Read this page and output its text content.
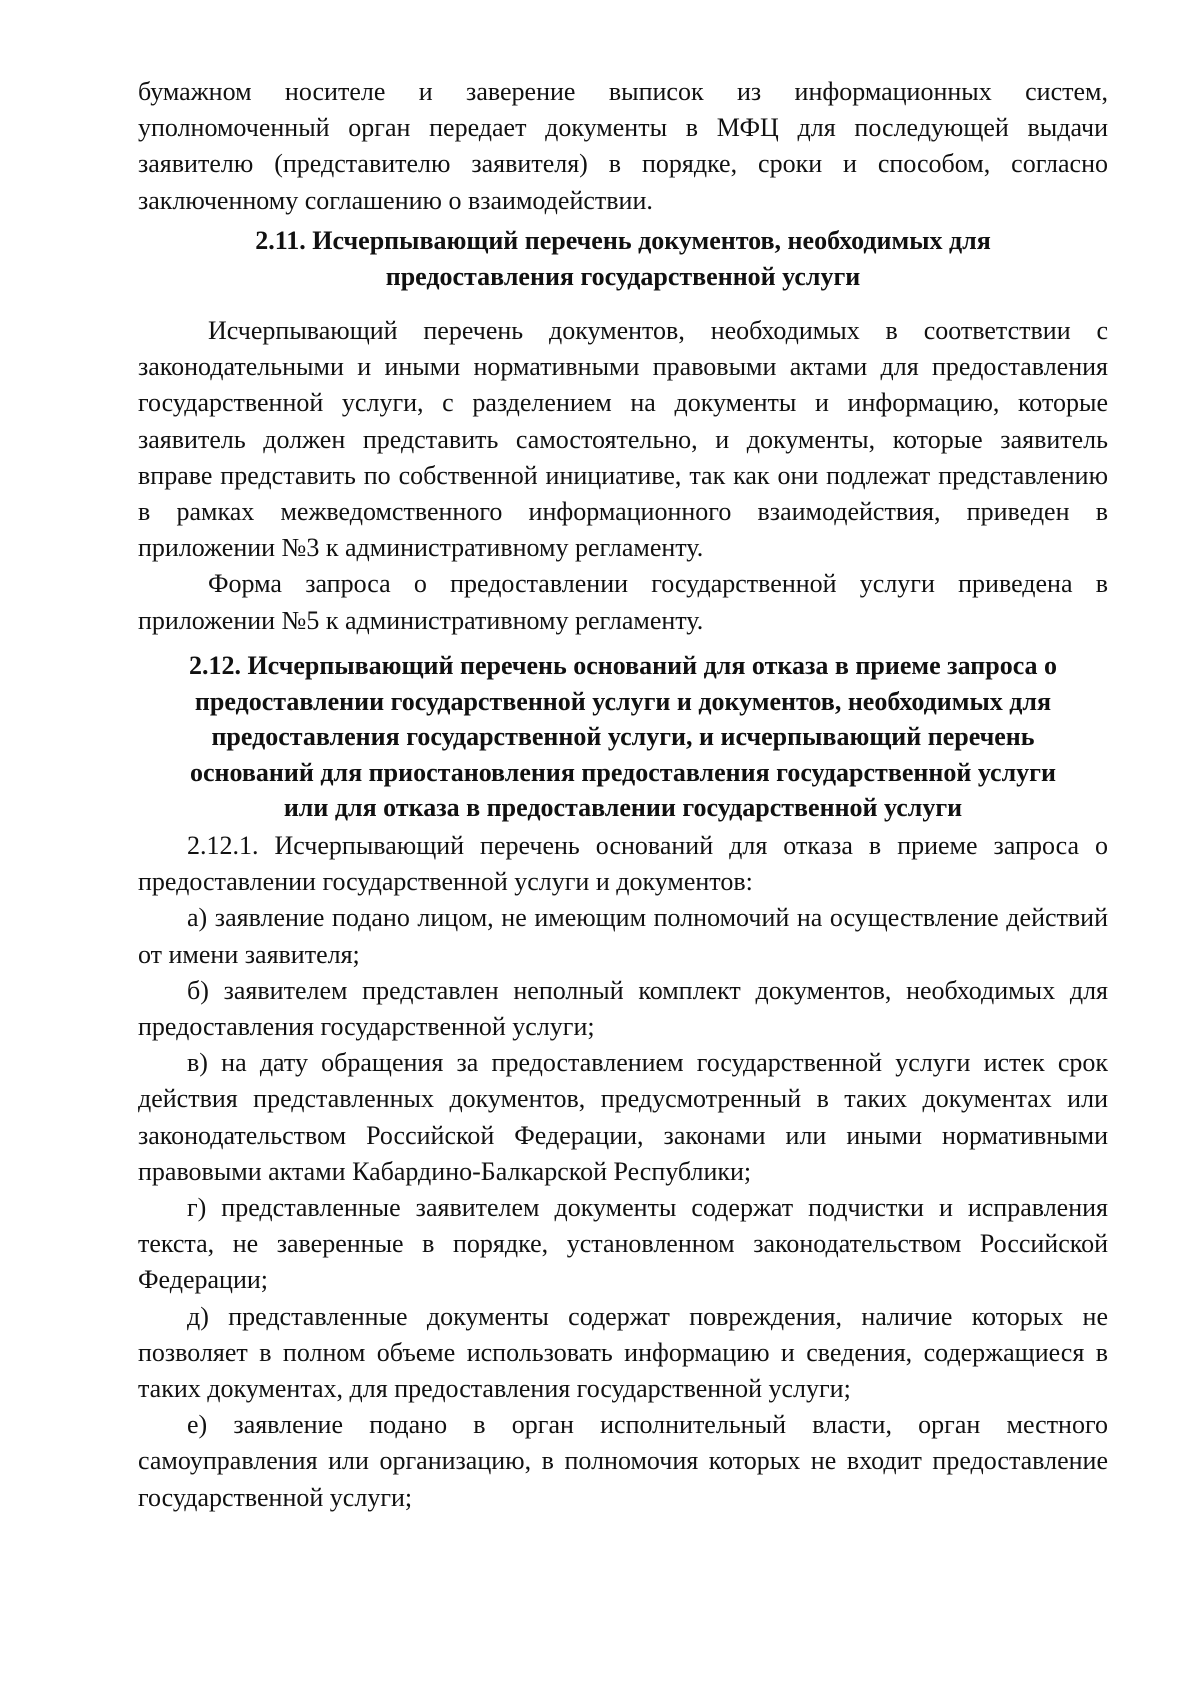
бумажном носителе и заверение выписок из информационных систем, уполномоченный орган передает документы в МФЦ для последующей выдачи заявителю (представителю заявителя) в порядке, сроки и способом, согласно заключенному соглашению о взаимодействии.

2.11. Исчерпывающий перечень документов, необходимых для
предоставления государственной услуги

Исчерпывающий перечень документов, необходимых в соответствии с законодательными и иными нормативными правовыми актами для предоставления государственной услуги, с разделением на документы и информацию, которые заявитель должен представить самостоятельно, и документы, которые заявитель вправе представить по собственной инициативе, так как они подлежат представлению в рамках межведомственного информационного взаимодействия, приведен в приложении №3 к административному регламенту.

Форма запроса о предоставлении государственной услуги приведена в приложении №5 к административному регламенту.

2.12. Исчерпывающий перечень оснований для отказа в приеме запроса о
предоставлении государственной услуги и документов, необходимых для
предоставления государственной услуги, и исчерпывающий перечень
оснований для приостановления предоставления государственной услуги
или для отказа в предоставлении государственной услуги

2.12.1. Исчерпывающий перечень оснований для отказа в приеме запроса о предоставлении государственной услуги и документов:

а) заявление подано лицом, не имеющим полномочий на осуществление действий от имени заявителя;

б) заявителем представлен неполный комплект документов, необходимых для предоставления государственной услуги;

в) на дату обращения за предоставлением государственной услуги истек срок действия представленных документов, предусмотренный в таких документах или законодательством Российской Федерации, законами или иными нормативными правовыми актами Кабардино-Балкарской Республики;

г) представленные заявителем документы содержат подчистки и исправления текста, не заверенные в порядке, установленном законодательством Российской Федерации;

д) представленные документы содержат повреждения, наличие которых не позволяет в полном объеме использовать информацию и сведения, содержащиеся в таких документах, для предоставления государственной услуги;

е) заявление подано в орган исполнительный власти, орган местного самоуправления или организацию, в полномочия которых не входит предоставление государственной услуги;
